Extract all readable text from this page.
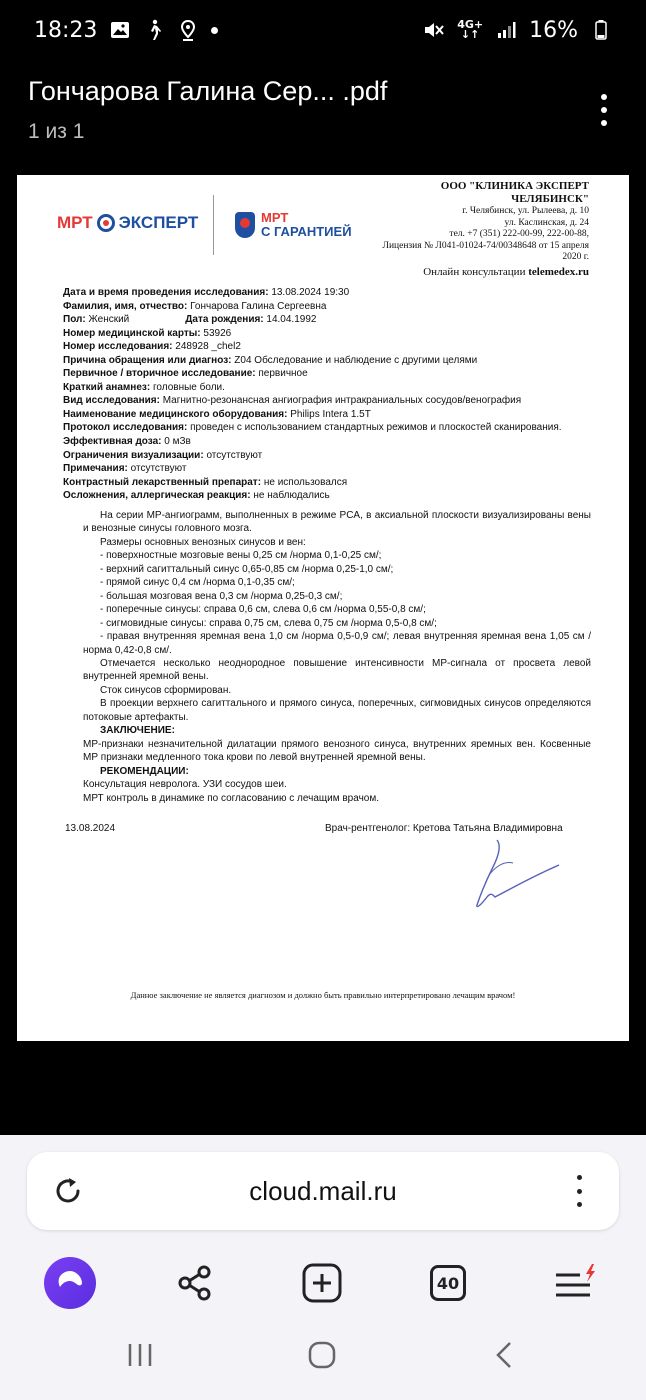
18:23	4G+
↓↑ 16%
Гончарова Галина Сер... .pdf
1 из 1
МРТ ЭКСПЕРТ	МРТ
С ГАРАНТИЕЙ
ООО "КЛИНИКА ЭКСПЕРТ
ЧЕЛЯБИНСК"
г. Челябинск, ул. Рылеева, д. 10
ул. Каслинская, д. 24
тел. +7 (351) 222-00-99, 222-00-88,
Лицензия № Л041-01024-74/00348648 от 15 апреля
2020 г.
Онлайн консультации telemedex.ru
Дата и время проведения исследования: 13.08.2024 19:30
Фамилия, имя, отчество: Гончарова Галина Сергеевна
Пол: Женский	Дата рождения: 14.04.1992
Номер медицинской карты: 53926
Номер исследования: 248928 _chel2
Причина обращения или диагноз: Z04 Обследование и наблюдение с другими целями
Первичное / вторичное исследование: первичное
Краткий анамнез: головные боли.
Вид исследования: Магнитно-резонансная ангиография интракраниальных сосудов/венография
Наименование медицинского оборудования: Philips Intera 1.5T
Протокол исследования: проведен с использованием стандартных режимов и плоскостей сканирования.
Эффективная доза: 0 мЗв
Ограничения визуализации: отсутствуют
Примечания: отсутствуют
Контрастный лекарственный препарат: не использовался
Осложнения, аллергическая реакция: не наблюдались

На серии МР-ангиограмм, выполненных в режиме PCA, в аксиальной плоскости визуализированы вены и венозные синусы головного мозга.

Размеры основных венозных синусов и вен:

- поверхностные мозговые вены 0,25 см /норма 0,1-0,25 см/;

- верхний сагиттальный синус 0,65-0,85 см /норма 0,25-1,0 см/;

- прямой синус 0,4 см /норма 0,1-0,35 см/;

- большая мозговая вена 0,3 см /норма 0,25-0,3 см/;

- поперечные синусы: справа 0,6 см, слева 0,6 см /норма 0,55-0,8 см/;

- сигмовидные синусы: справа 0,75 см, слева 0,75 см /норма 0,5-0,8 см/;

- правая внутренняя яремная вена 1,0 см /норма 0,5-0,9 см/; левая внутренняя яремная вена 1,05 см /норма 0,42-0,8 см/.

Отмечается несколько неоднородное повышение интенсивности МР-сигнала от просвета левой внутренней яремной вены.

Сток синусов сформирован.

В проекции верхнего сагиттального и прямого синуса, поперечных, сигмовидных синусов определяются потоковые артефакты.

ЗАКЛЮЧЕНИЕ:

МР-признаки незначительной дилатации прямого венозного синуса, внутренних яремных вен. Косвенные МР признаки медленного тока крови по левой внутренней яремной вены.

РЕКОМЕНДАЦИИ:

Консультация невролога. УЗИ сосудов шеи.

МРТ контроль в динамике по согласованию с лечащим врачом.

13.08.2024	Врач-рентгенолог: Кретова Татьяна Владимировна
Данное заключение не является диагнозом и должно быть правильно интерпретировано лечащим врачом!
cloud.mail.ru
40
